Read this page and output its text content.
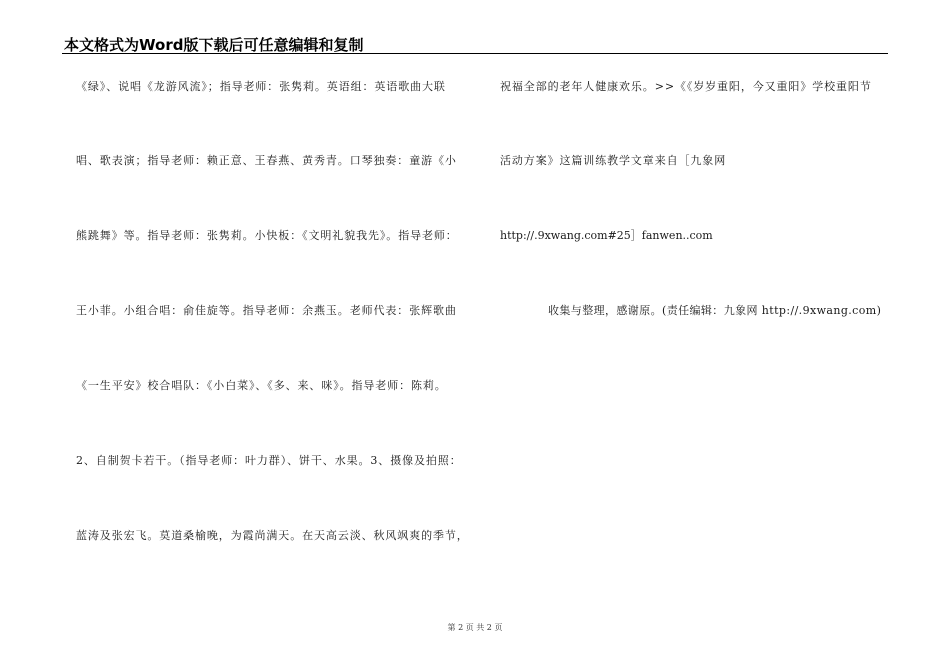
本文格式为Word版下载后可任意编辑和复制
《绿》、说唱《龙游风流》；指导老师：张隽莉。英语组：英语歌曲大联
唱、歌表演；指导老师：赖正意、王春燕、黄秀青。口琴独奏：童游《小
熊跳舞》等。指导老师：张隽莉。小快板：《文明礼貌我先》。指导老师：
王小菲。小组合唱：俞佳旋等。指导老师：余燕玉。老师代表：张辉歌曲
《一生平安》校合唱队：《小白菜》、《多、来、咪》。指导老师：陈莉。
2、自制贺卡若干。（指导老师：叶力群）、饼干、水果。3、摄像及拍照：
蓝涛及张宏飞。莫道桑榆晚，为霞尚满天。在天高云淡、秋风飒爽的季节，
祝福全部的老年人健康欢乐。>>《《岁岁重阳，今又重阳》学校重阳节
活动方案》这篇训练教学文章来自［九象网
http://.9xwang.com#25］fanwen..com
收集与整理，感谢原。(责任编辑：九象网 http://.9xwang.com)
第 2 页 共 2 页
